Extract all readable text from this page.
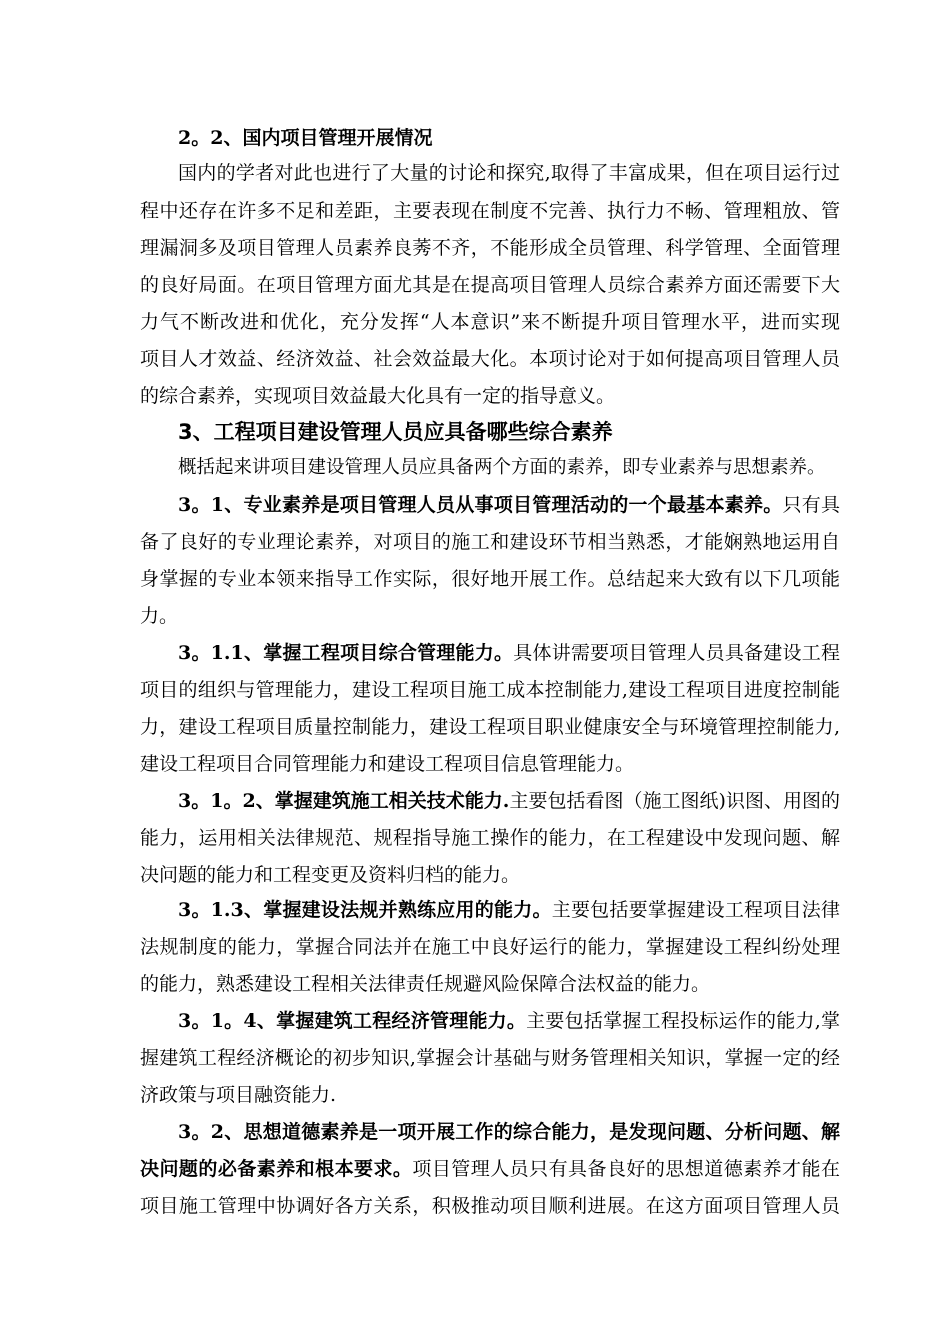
2。2、国内项目管理开展情况

国内的学者对此也进行了大量的讨论和探究,取得了丰富成果，但在项目运行过

程中还存在许多不足和差距，主要表现在制度不完善、执行力不畅、管理粗放、管

理漏洞多及项目管理人员素养良莠不齐，不能形成全员管理、科学管理、全面管理

的良好局面。在项目管理方面尤其是在提高项目管理人员综合素养方面还需要下大

力气不断改进和优化，充分发挥“人本意识”来不断提升项目管理水平，进而实现

项目人才效益、经济效益、社会效益最大化。本项讨论对于如何提高项目管理人员

的综合素养，实现项目效益最大化具有一定的指导意义。

3、工程项目建设管理人员应具备哪些综合素养

概括起来讲项目建设管理人员应具备两个方面的素养，即专业素养与思想素养。

3。1、专业素养是项目管理人员从事项目管理活动的一个最基本素养。只有具

备了良好的专业理论素养，对项目的施工和建设环节相当熟悉，才能娴熟地运用自

身掌握的专业本领来指导工作实际，很好地开展工作。总结起来大致有以下几项能

力。

3。1.1、掌握工程项目综合管理能力。具体讲需要项目管理人员具备建设工程

项目的组织与管理能力，建设工程项目施工成本控制能力,建设工程项目进度控制能

力，建设工程项目质量控制能力，建设工程项目职业健康安全与环境管理控制能力,

建设工程项目合同管理能力和建设工程项目信息管理能力。

3。1。2、掌握建筑施工相关技术能力.主要包括看图（施工图纸)识图、用图的

能力，运用相关法律规范、规程指导施工操作的能力，在工程建设中发现问题、解

决问题的能力和工程变更及资料归档的能力。

3。1.3、掌握建设法规并熟练应用的能力。主要包括要掌握建设工程项目法律

法规制度的能力，掌握合同法并在施工中良好运行的能力，掌握建设工程纠纷处理

的能力，熟悉建设工程相关法律责任规避风险保障合法权益的能力。

3。1。4、掌握建筑工程经济管理能力。主要包括掌握工程投标运作的能力,掌

握建筑工程经济概论的初步知识,掌握会计基础与财务管理相关知识，掌握一定的经

济政策与项目融资能力.

3。2、思想道德素养是一项开展工作的综合能力，是发现问题、分析问题、解

决问题的必备素养和根本要求。项目管理人员只有具备良好的思想道德素养才能在

项目施工管理中协调好各方关系，积极推动项目顺利进展。在这方面项目管理人员
